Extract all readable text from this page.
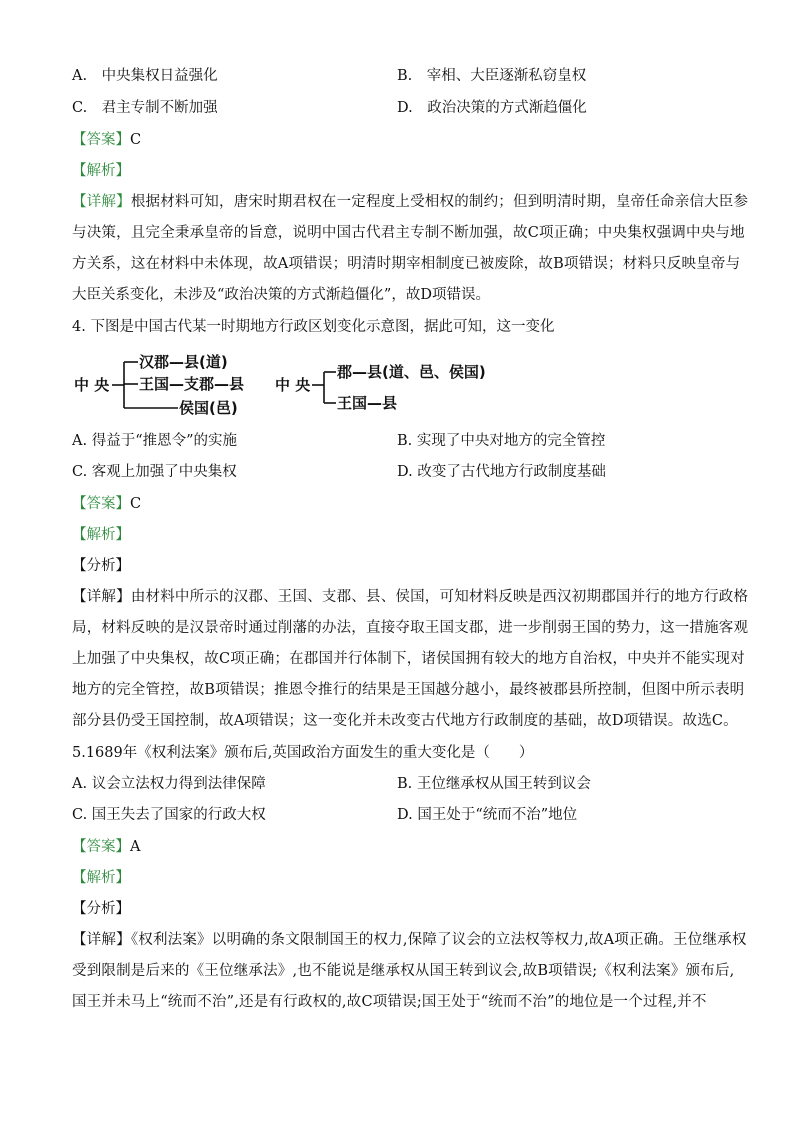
A.　中央集权日益强化	B.　宰相、大臣逐渐私窃皇权
C.　君主专制不断加强	D.　政治决策的方式渐趋僵化
【答案】C
【解析】
【详解】根据材料可知，唐宋时期君权在一定程度上受相权的制约；但到明清时期，皇帝任命亲信大臣参
与决策，且完全秉承皇帝的旨意，说明中国古代君主专制不断加强，故C项正确；中央集权强调中央与地
方关系，这在材料中未体现，故A项错误；明清时期宰相制度已被废除，故B项错误；材料只反映皇帝与
大臣关系变化，未涉及“政治决策的方式渐趋僵化”，故D项错误。
4. 下图是中国古代某一时期地方行政区划变化示意图，据此可知，这一变化
中 央
汉郡—县(道)
王国—支郡—县
侯国(邑)
中 央
郡—县(道、邑、侯国)
王国—县
A. 得益于“推恩令”的实施	B. 实现了中央对地方的完全管控
C. 客观上加强了中央集权	D. 改变了古代地方行政制度基础
【答案】C
【解析】
【分析】
【详解】由材料中所示的汉郡、王国、支郡、县、侯国，可知材料反映是西汉初期郡国并行的地方行政格
局，材料反映的是汉景帝时通过削藩的办法，直接夺取王国支郡，进一步削弱王国的势力，这一措施客观
上加强了中央集权，故C项正确；在郡国并行体制下，诸侯国拥有较大的地方自治权，中央并不能实现对
地方的完全管控，故B项错误；推恩令推行的结果是王国越分越小，最终被郡县所控制，但图中所示表明
部分县仍受王国控制，故A项错误；这一变化并未改变古代地方行政制度的基础，故D项错误。故选C。
5.1689年《权利法案》颁布后,英国政治方面发生的重大变化是（　　）
A. 议会立法权力得到法律保障	B. 王位继承权从国王转到议会
C. 国王失去了国家的行政大权	D. 国王处于“统而不治”地位
【答案】A
【解析】
【分析】
【详解】《权利法案》以明确的条文限制国王的权力,保障了议会的立法权等权力,故A项正确。王位继承权
受到限制是后来的《王位继承法》,也不能说是继承权从国王转到议会,故B项错误;《权利法案》颁布后,
国王并未马上“统而不治”,还是有行政权的,故C项错误;国王处于“统而不治”的地位是一个过程,并不
